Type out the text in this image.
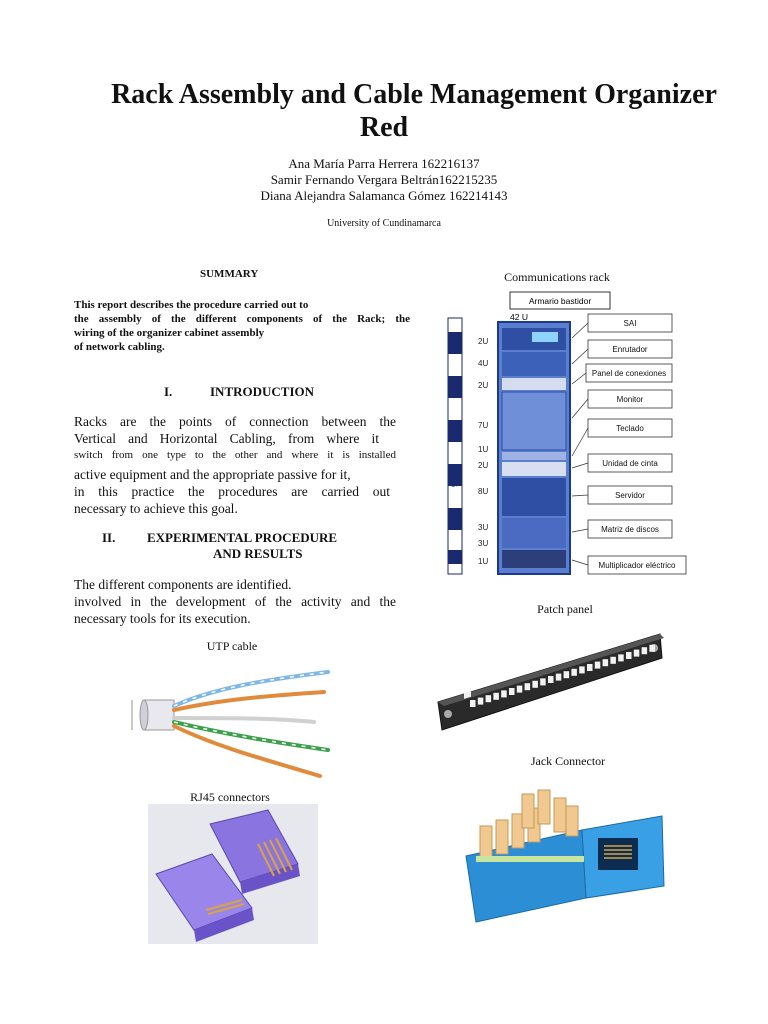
Rack Assembly and Cable Management Organizer
Red
Ana María Parra Herrera 162216137
Samir Fernando Vergara Beltrán162215235
Diana Alejandra Salamanca Gómez 162214143
University of Cundinamarca
SUMMARY
This report describes the procedure carried out to
the assembly of the different components of the Rack; the
wiring of the organizer cabinet assembly
of network cabling.
I.	INTRODUCTION
Racks are the points of connection between the
Vertical and Horizontal Cabling, from where it
switch from one type to the other and where it is installed
active equipment and the appropriate passive for it,
in this practice the procedures are carried out
necessary to achieve this goal.
II. EXPERIMENTAL PROCEDURE
AND RESULTS
The different components are identified.
involved in the development of the activity and the
necessary tools for its execution.
Communications rack
UTP cable
Patch panel
Jack Connector
RJ45 connectors
06
Armario bastidor
42 U
2U
4U
2U
7U
1U
2U
8U
3U
3U
1U
SAI
Enrutador
Panel de conexiones
Monitor
Teclado
Unidad de cinta
Servidor
Matriz de discos
Multiplicador eléctrico
